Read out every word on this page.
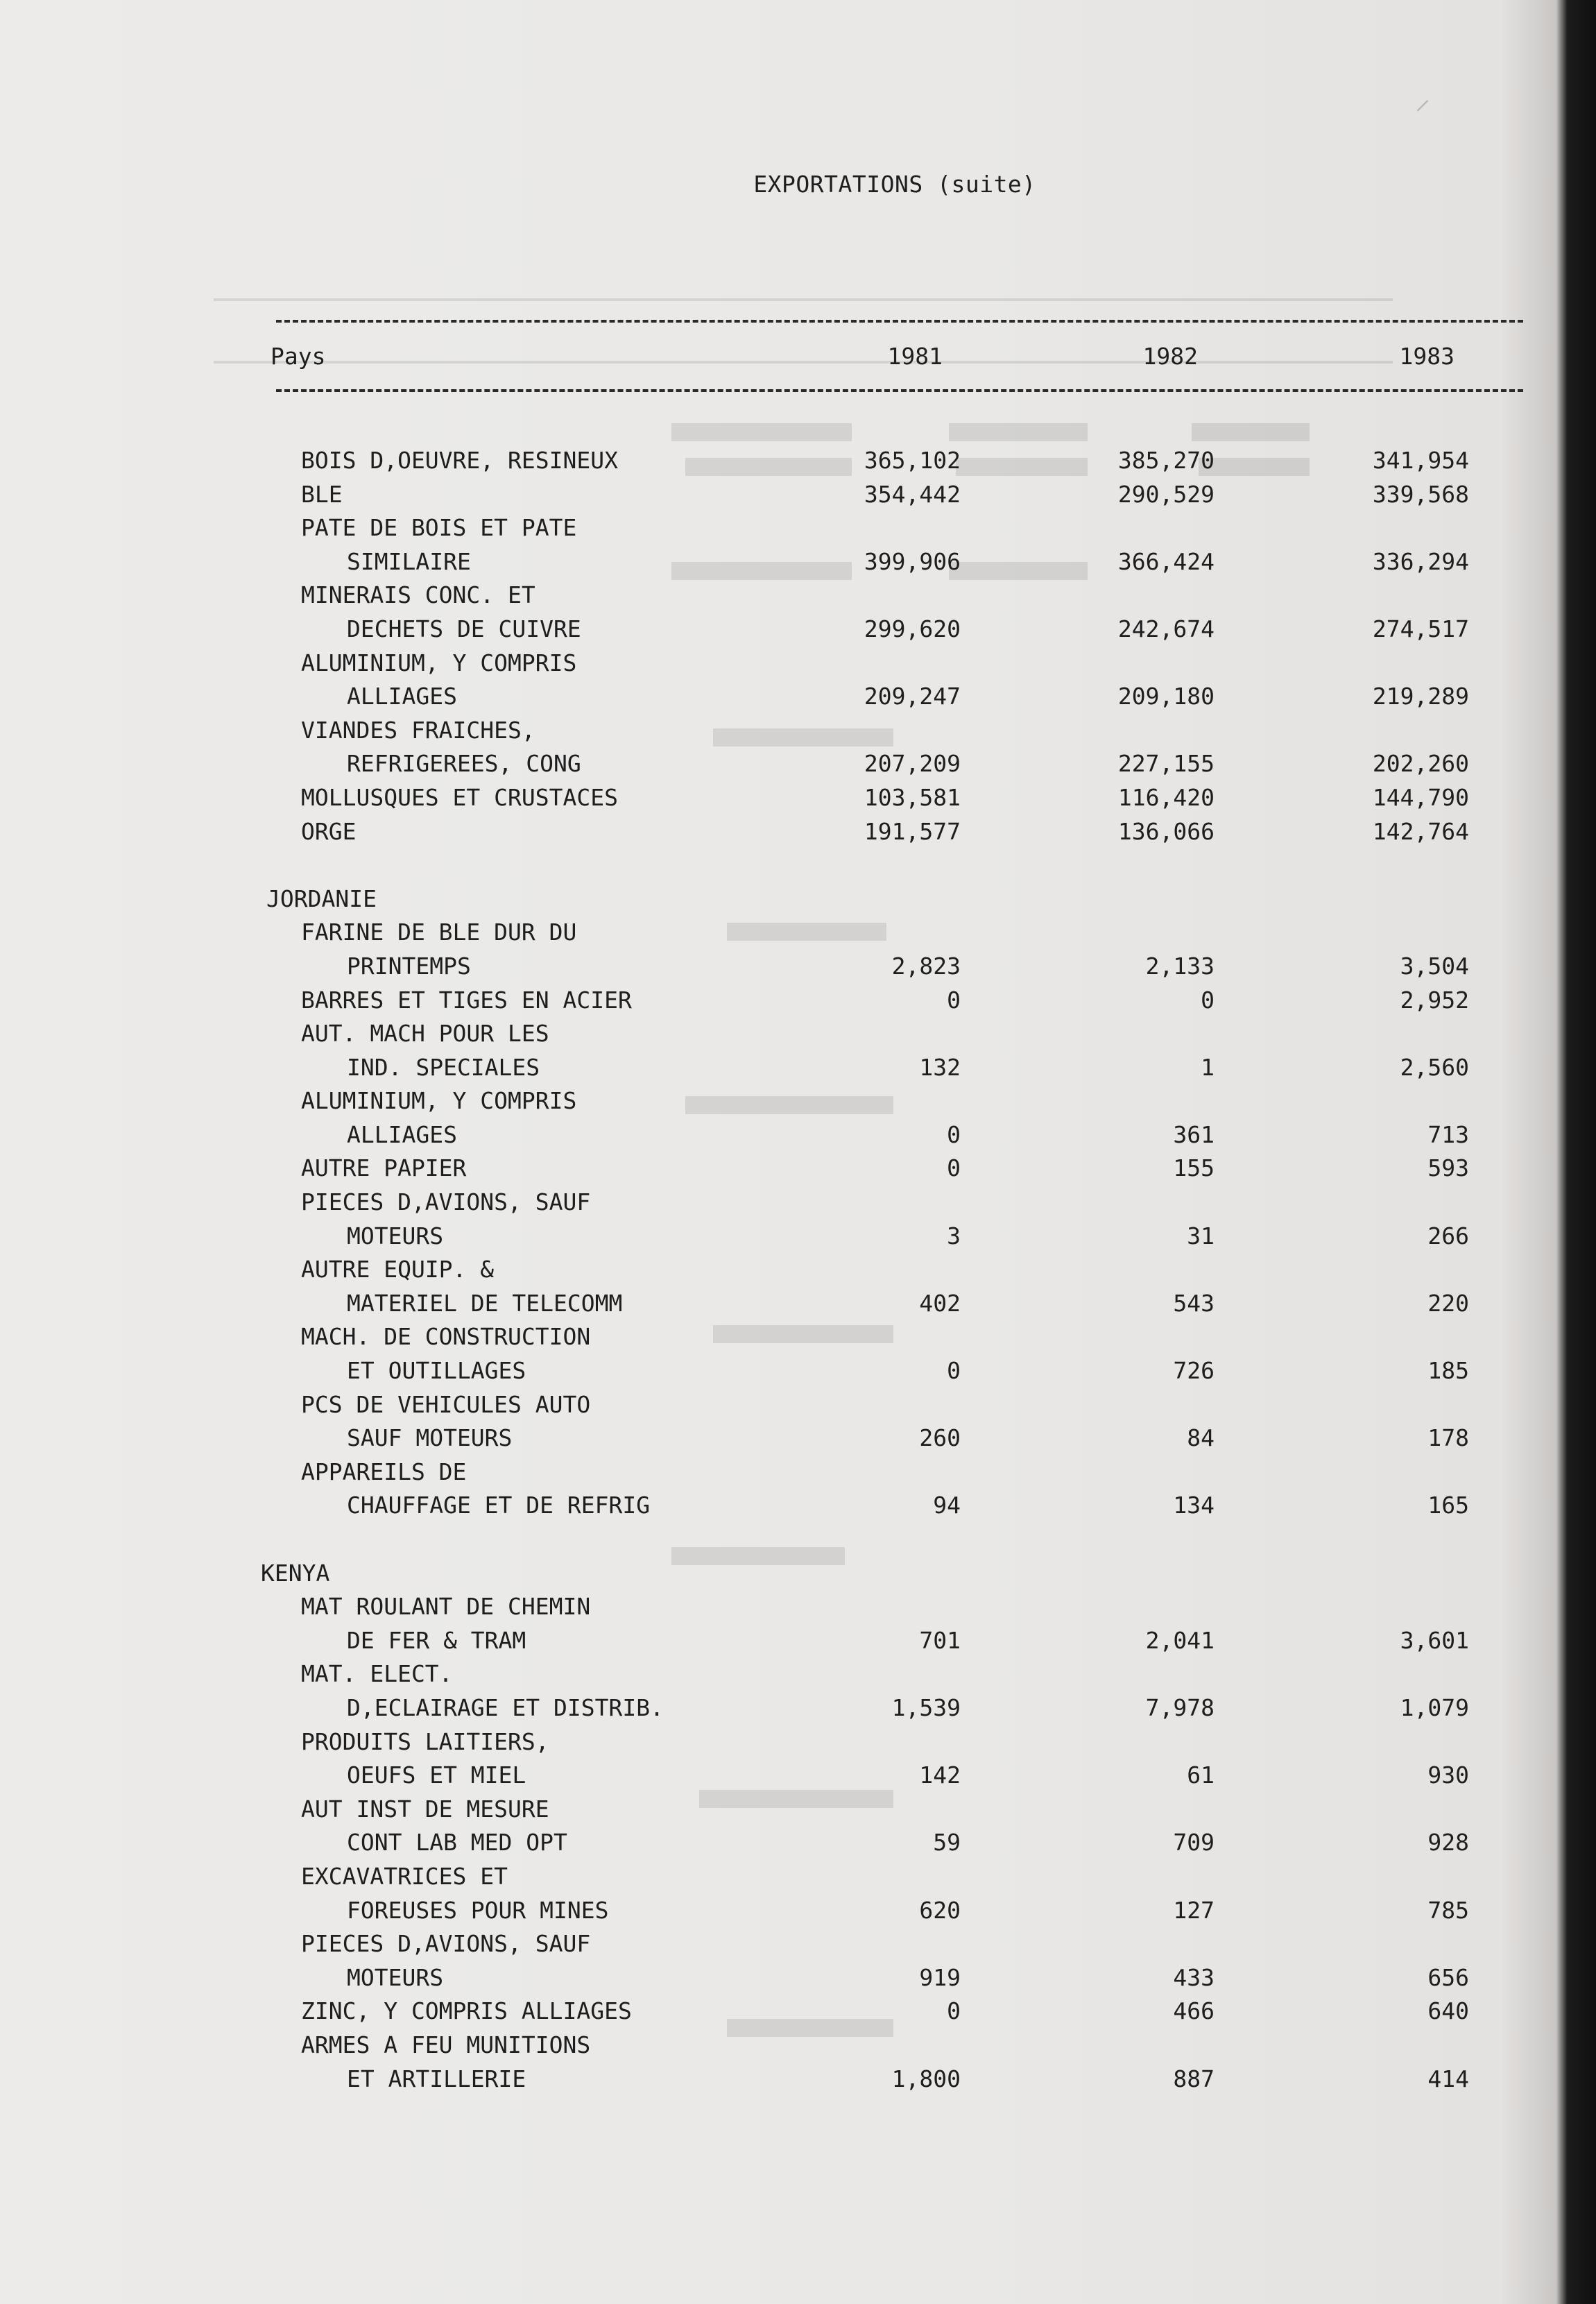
⸝
EXPORTATIONS (suite)
Pays	1981	1982	1983
BOIS D,OEUVRE, RESINEUX	365,102	385,270	341,954
BLE	354,442	290,529	339,568
PATE DE BOIS ET PATE
SIMILAIRE	399,906	366,424	336,294
MINERAIS CONC. ET
DECHETS DE CUIVRE	299,620	242,674	274,517
ALUMINIUM, Y COMPRIS
ALLIAGES	209,247	209,180	219,289
VIANDES FRAICHES,
REFRIGEREES, CONG	207,209	227,155	202,260
MOLLUSQUES ET CRUSTACES	103,581	116,420	144,790
ORGE	191,577	136,066	142,764
JORDANIE
FARINE DE BLE DUR DU
PRINTEMPS	2,823	2,133	3,504
BARRES ET TIGES EN ACIER	0	0	2,952
AUT. MACH POUR LES
IND. SPECIALES	132	1	2,560
ALUMINIUM, Y COMPRIS
ALLIAGES	0	361	713
AUTRE PAPIER	0	155	593
PIECES D,AVIONS, SAUF
MOTEURS	3	31	266
AUTRE EQUIP. &
MATERIEL DE TELECOMM	402	543	220
MACH. DE CONSTRUCTION
ET OUTILLAGES	0	726	185
PCS DE VEHICULES AUTO
SAUF MOTEURS	260	84	178
APPAREILS DE
CHAUFFAGE ET DE REFRIG	94	134	165
KENYA
MAT ROULANT DE CHEMIN
DE FER & TRAM	701	2,041	3,601
MAT. ELECT.
D,ECLAIRAGE ET DISTRIB.	1,539	7,978	1,079
PRODUITS LAITIERS,
OEUFS ET MIEL	142	61	930
AUT INST DE MESURE
CONT LAB MED OPT	59	709	928
EXCAVATRICES ET
FOREUSES POUR MINES	620	127	785
PIECES D,AVIONS, SAUF
MOTEURS	919	433	656
ZINC, Y COMPRIS ALLIAGES	0	466	640
ARMES A FEU MUNITIONS
ET ARTILLERIE	1,800	887	414
